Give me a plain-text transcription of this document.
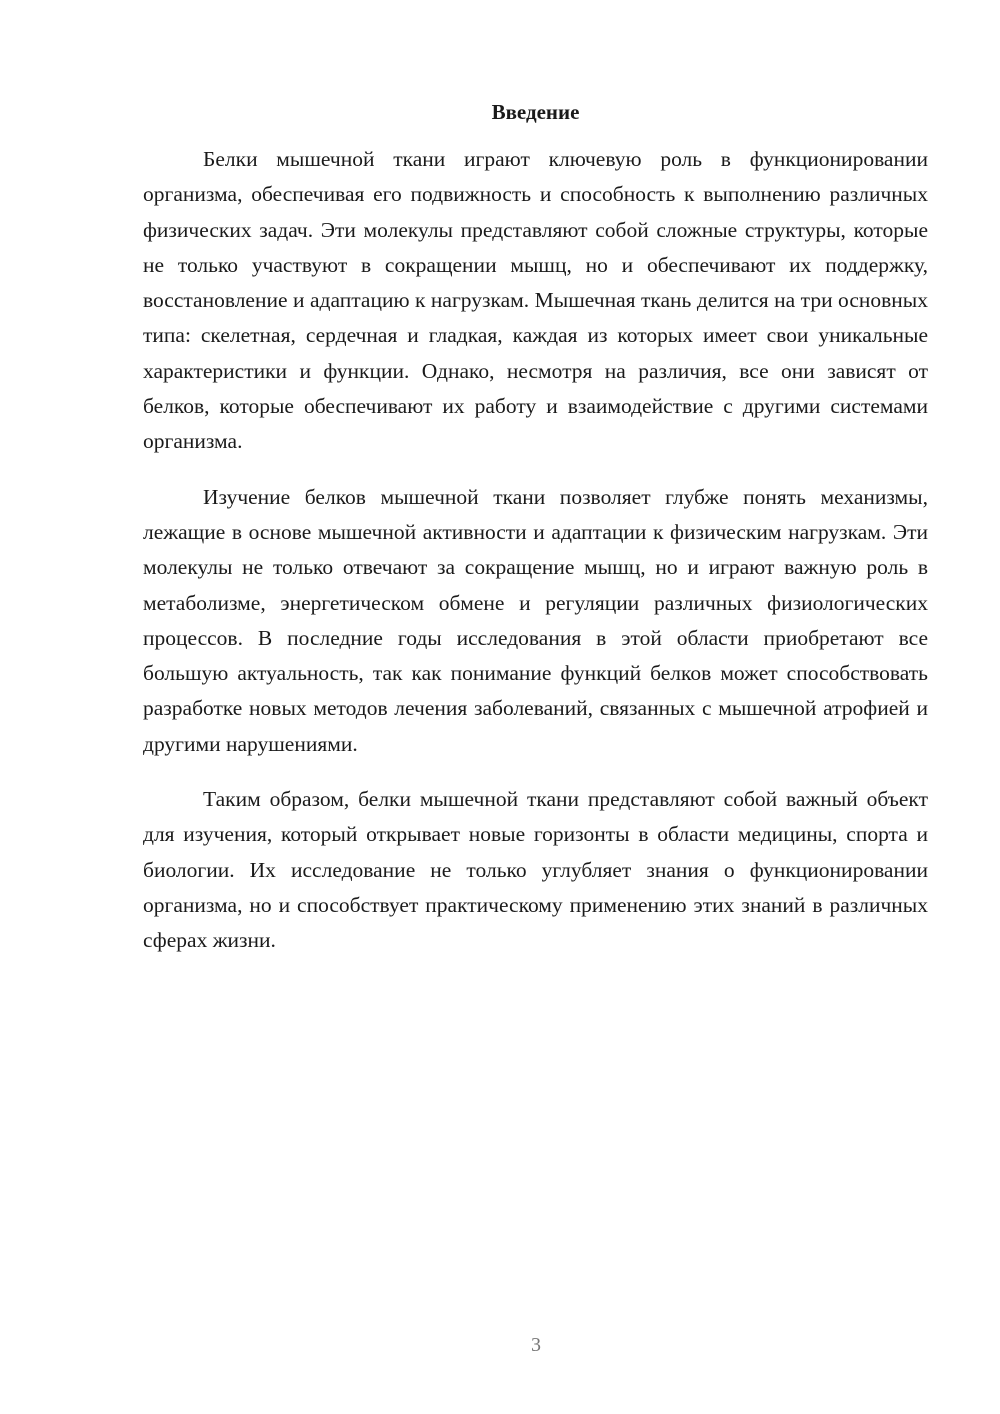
Введение

Белки мышечной ткани играют ключевую роль в функционировании организма, обеспечивая его подвижность и способность к выполнению различных физических задач. Эти молекулы представляют собой сложные структуры, которые не только участвуют в сокращении мышц, но и обеспечивают их поддержку, восстановление и адаптацию к нагрузкам. Мышечная ткань делится на три основных типа: скелетная, сердечная и гладкая, каждая из которых имеет свои уникальные характеристики и функции. Однако, несмотря на различия, все они зависят от белков, которые обеспечивают их работу и взаимодействие с другими системами организма.

Изучение белков мышечной ткани позволяет глубже понять механизмы, лежащие в основе мышечной активности и адаптации к физическим нагрузкам. Эти молекулы не только отвечают за сокращение мышц, но и играют важную роль в метаболизме, энергетическом обмене и регуляции различных физиологических процессов. В последние годы исследования в этой области приобретают все большую актуальность, так как понимание функций белков может способствовать разработке новых методов лечения заболеваний, связанных с мышечной атрофией и другими нарушениями.

Таким образом, белки мышечной ткани представляют собой важный объект для изучения, который открывает новые горизонты в области медицины, спорта и биологии. Их исследование не только углубляет знания о функционировании организма, но и способствует практическому применению этих знаний в различных сферах жизни.

3
